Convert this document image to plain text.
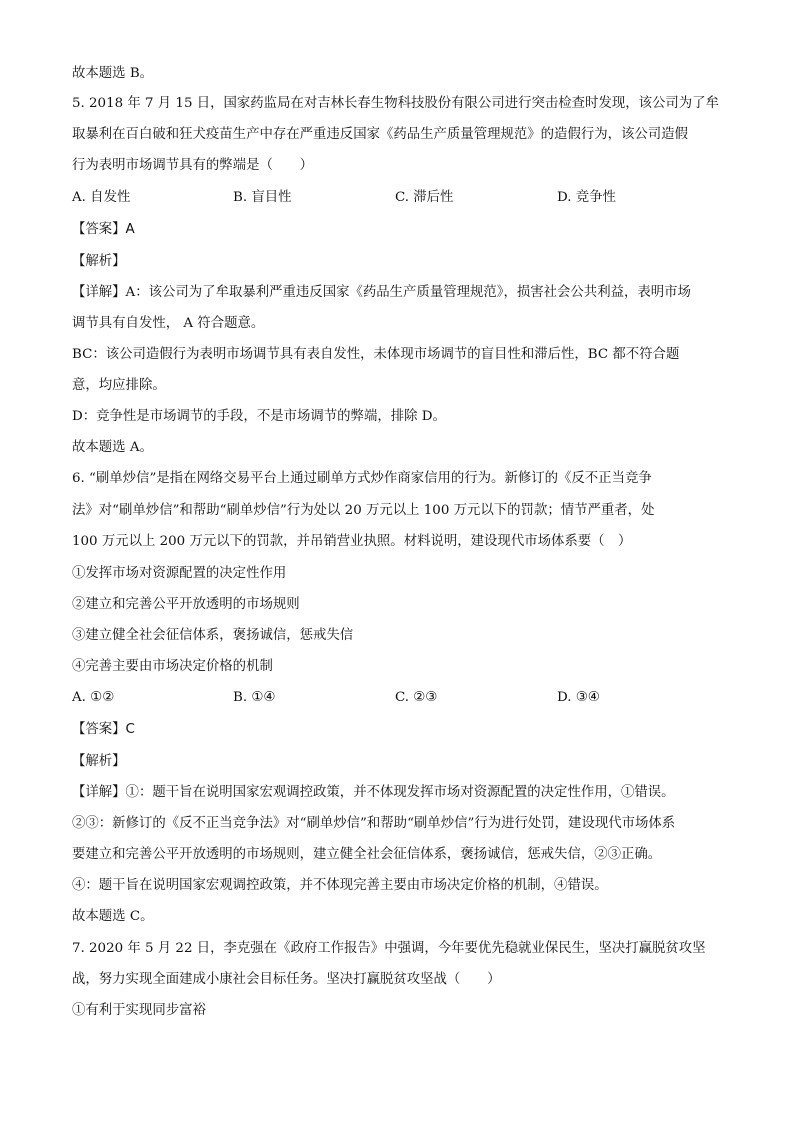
故本题选 B。
5. 2018 年 7 月 15 日，国家药监局在对吉林长春生物科技股份有限公司进行突击检查时发现，该公司为了牟
取暴利在百白破和狂犬疫苗生产中存在严重违反国家《药品生产质量管理规范》的造假行为，该公司造假
行为表明市场调节具有的弊端是（　　）
A. 自发性	B. 盲目性	C. 滞后性	D. 竞争性
【答案】A
【解析】
【详解】A：该公司为了牟取暴利严重违反国家《药品生产质量管理规范》，损害社会公共利益，表明市场
调节具有自发性， A 符合题意。
BC：该公司造假行为表明市场调节具有表自发性，未体现市场调节的盲目性和滞后性，BC 都不符合题
意，均应排除。
D：竞争性是市场调节的手段，不是市场调节的弊端，排除 D。
故本题选 A。
6. “刷单炒信”是指在网络交易平台上通过刷单方式炒作商家信用的行为。新修订的《反不正当竞争
法》对“刷单炒信”和帮助“刷单炒信”行为处以 20 万元以上 100 万元以下的罚款；情节严重者，处
100 万元以上 200 万元以下的罚款，并吊销营业执照。材料说明，建设现代市场体系要（　）
①发挥市场对资源配置的决定性作用
②建立和完善公平开放透明的市场规则
③建立健全社会征信体系，褒扬诚信，惩戒失信
④完善主要由市场决定价格的机制
A. ①②	B. ①④	C. ②③	D. ③④
【答案】C
【解析】
【详解】①：题干旨在说明国家宏观调控政策，并不体现发挥市场对资源配置的决定性作用，①错误。
②③：新修订的《反不正当竞争法》对“刷单炒信”和帮助“刷单炒信”行为进行处罚，建设现代市场体系
要建立和完善公平开放透明的市场规则，建立健全社会征信体系，褒扬诚信，惩戒失信，②③正确。
④：题干旨在说明国家宏观调控政策，并不体现完善主要由市场决定价格的机制，④错误。
故本题选 C。
7. 2020 年 5 月 22 日，李克强在《政府工作报告》中强调，今年要优先稳就业保民生，坚决打赢脱贫攻坚
战，努力实现全面建成小康社会目标任务。坚决打赢脱贫攻坚战（　　）
①有利于实现同步富裕
